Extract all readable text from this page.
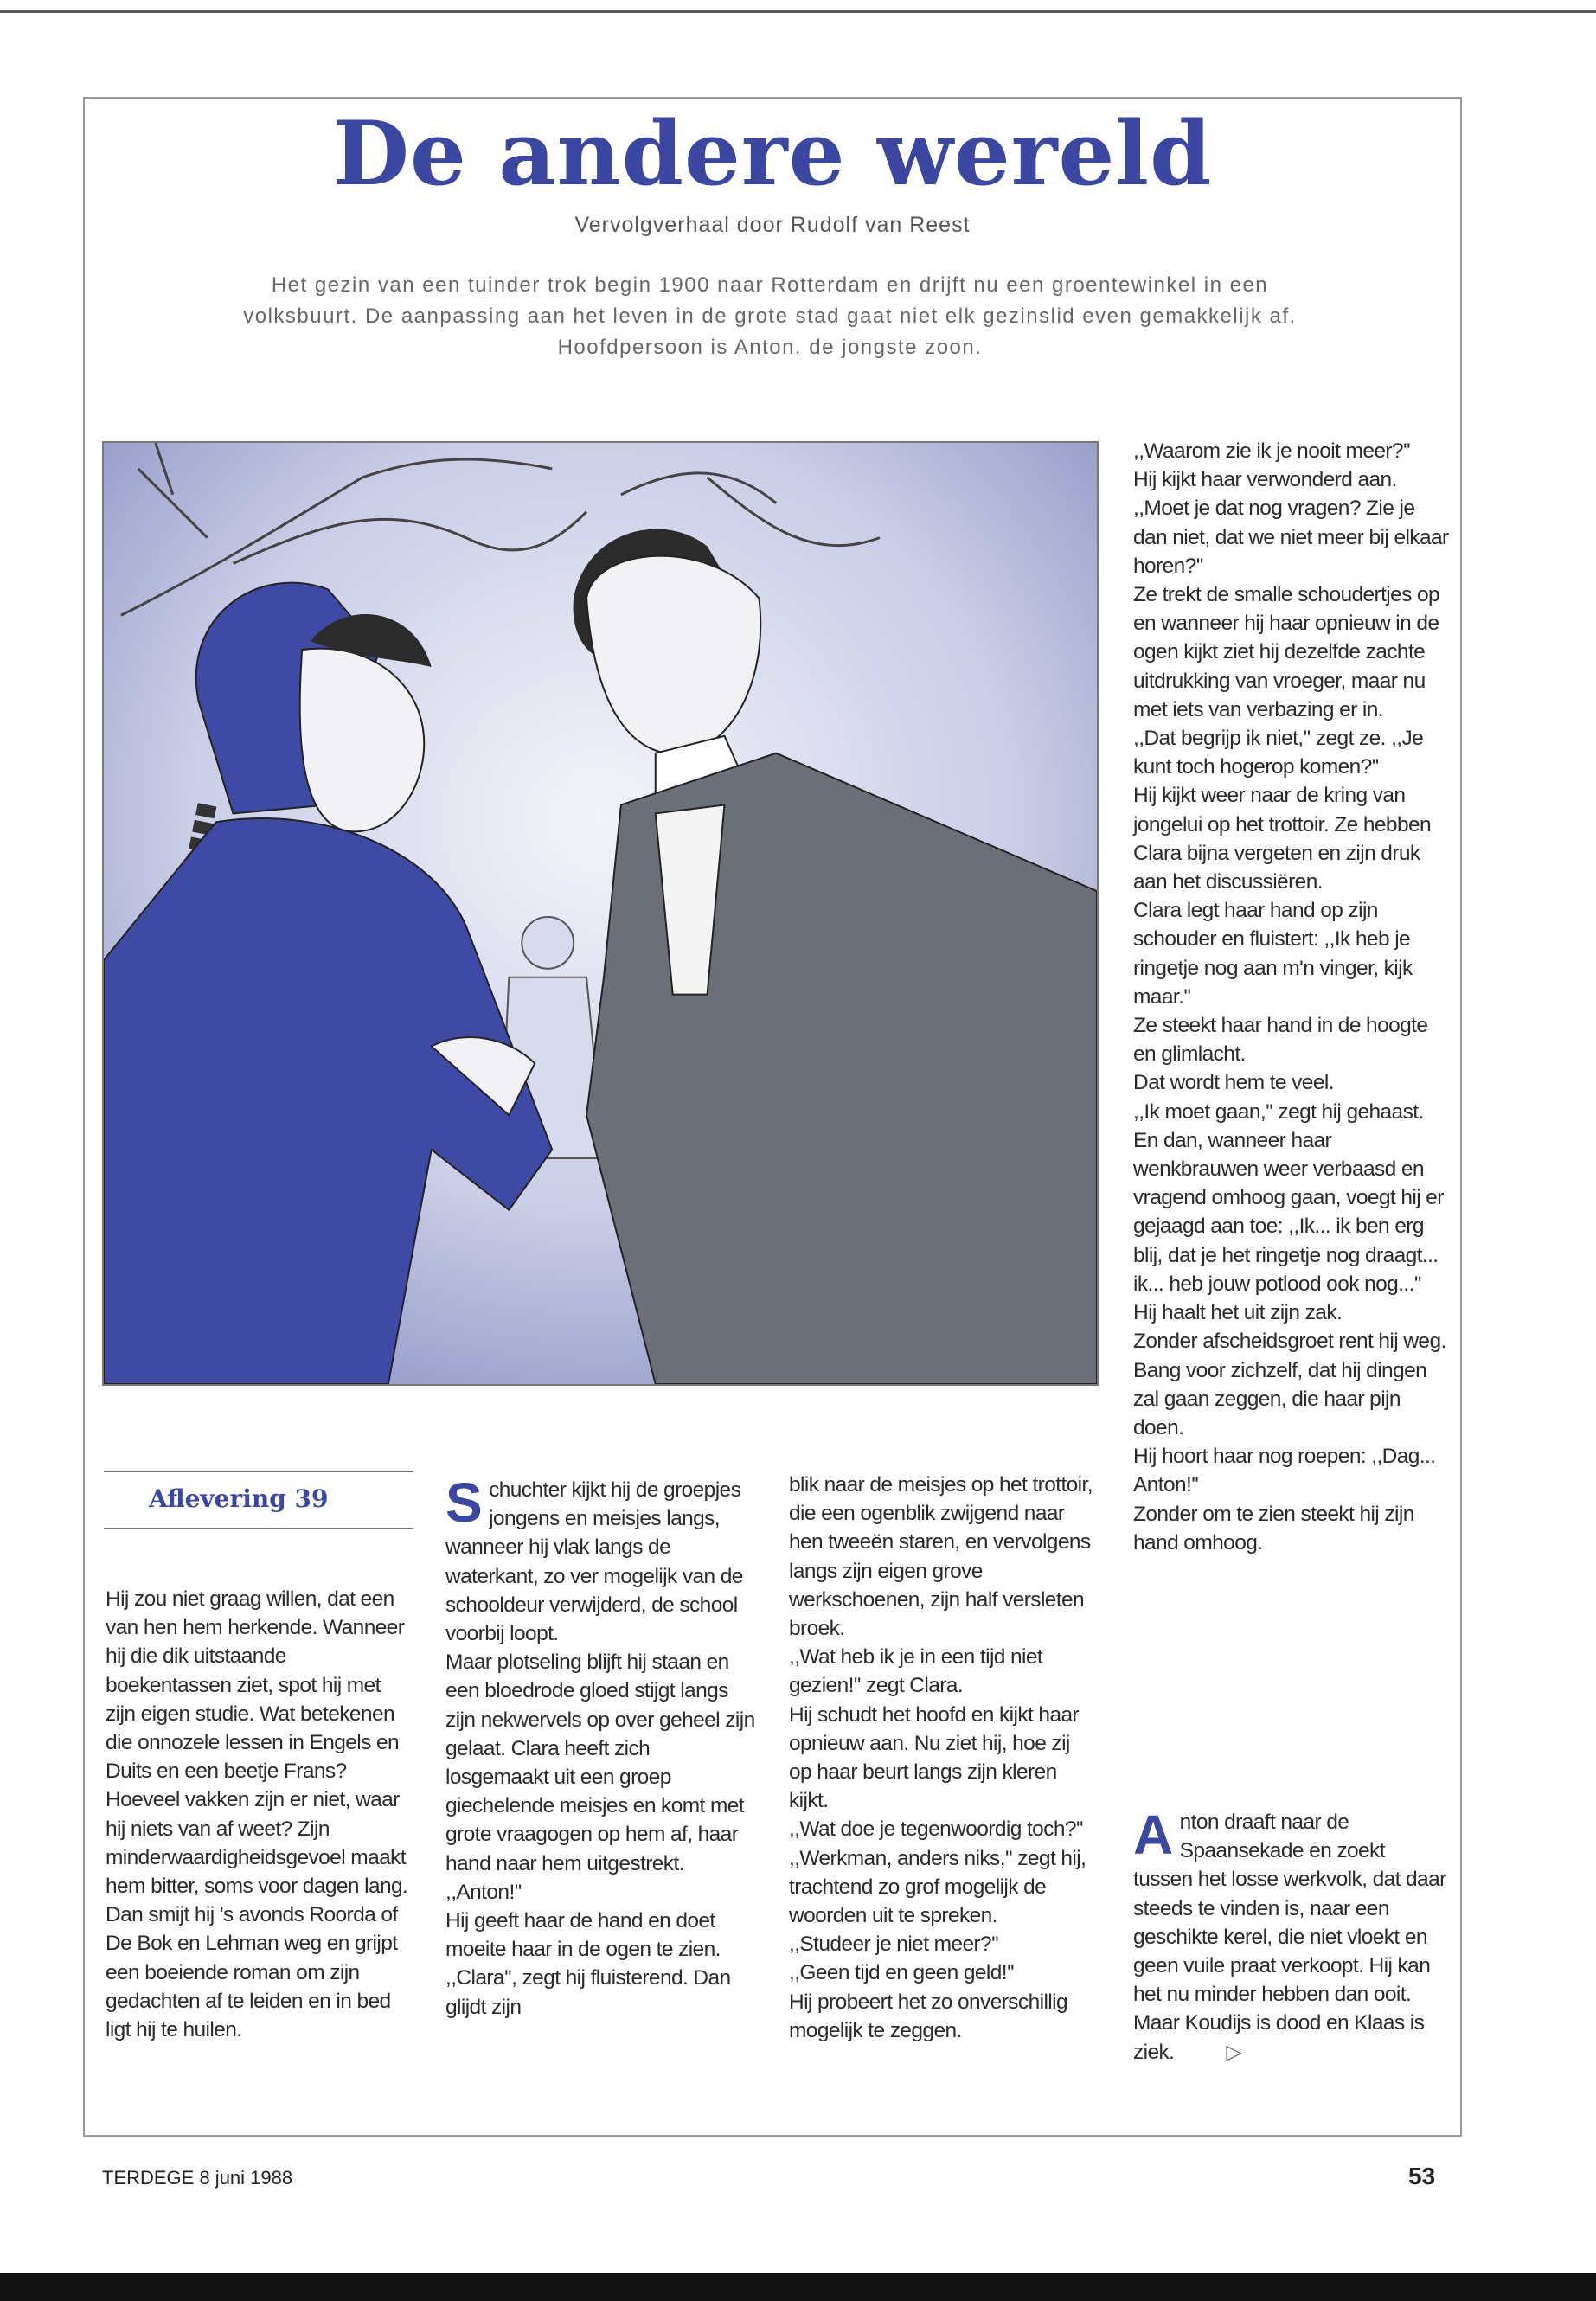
De andere wereld
Vervolgverhaal door Rudolf van Reest
Het gezin van een tuinder trok begin 1900 naar Rotterdam en drijft nu een groentewinkel in een volksbuurt. De aanpassing aan het leven in de grote stad gaat niet elk gezinslid even gemakkelijk af. Hoofdpersoon is Anton, de jongste zoon.
Aflevering 39

Hij zou niet graag willen, dat een van hen hem herkende. Wanneer hij die dik uitstaande boekentassen ziet, spot hij met zijn eigen studie. Wat betekenen die onnozele lessen in Engels en Duits en een beetje Frans? Hoeveel vakken zijn er niet, waar hij niets van af weet? Zijn minderwaardigheidsgevoel maakt hem bitter, soms voor dagen lang. Dan smijt hij 's avonds Roorda of De Bok en Lehman weg en grijpt een boeiende roman om zijn gedachten af te leiden en in bed ligt hij te huilen.

Schuchter kijkt hij de groepjes jongens en meisjes langs, wanneer hij vlak langs de waterkant, zo ver mogelijk van de schooldeur verwijderd, de school voorbij loopt.

Maar plotseling blijft hij staan en een bloedrode gloed stijgt langs zijn nekwervels op over geheel zijn gelaat. Clara heeft zich losgemaakt uit een groep giechelende meisjes en komt met grote vraagogen op hem af, haar hand naar hem uitgestrekt.

,,Anton!''

Hij geeft haar de hand en doet moeite haar in de ogen te zien. ,,Clara'', zegt hij fluisterend. Dan glijdt zijn

blik naar de meisjes op het trottoir, die een ogenblik zwijgend naar hen tweeën staren, en vervolgens langs zijn eigen grove werkschoenen, zijn half versleten broek.

,,Wat heb ik je in een tijd niet gezien!'' zegt Clara.

Hij schudt het hoofd en kijkt haar opnieuw aan. Nu ziet hij, hoe zij op haar beurt langs zijn kleren kijkt.

,,Wat doe je tegenwoordig toch?''

,,Werkman, anders niks,'' zegt hij, trachtend zo grof mogelijk de woorden uit te spreken.

,,Studeer je niet meer?''

,,Geen tijd en geen geld!''

Hij probeert het zo onverschillig mogelijk te zeggen.

,,Waarom zie ik je nooit meer?''

Hij kijkt haar verwonderd aan. ,,Moet je dat nog vragen? Zie je dan niet, dat we niet meer bij elkaar horen?''

Ze trekt de smalle schoudertjes op en wanneer hij haar opnieuw in de ogen kijkt ziet hij dezelfde zachte uitdrukking van vroeger, maar nu met iets van verbazing er in.

,,Dat begrijp ik niet,'' zegt ze. ,,Je kunt toch hogerop komen?''

Hij kijkt weer naar de kring van jongelui op het trottoir. Ze hebben Clara bijna vergeten en zijn druk aan het discussiëren.

Clara legt haar hand op zijn schouder en fluistert: ,,Ik heb je ringetje nog aan m'n vinger, kijk maar.''

Ze steekt haar hand in de hoogte en glimlacht.

Dat wordt hem te veel.

,,Ik moet gaan,'' zegt hij gehaast. En dan, wanneer haar wenkbrauwen weer verbaasd en vragend omhoog gaan, voegt hij er gejaagd aan toe: ,,Ik... ik ben erg blij, dat je het ringetje nog draagt... ik... heb jouw potlood ook nog...''

Hij haalt het uit zijn zak.

Zonder afscheidsgroet rent hij weg. Bang voor zichzelf, dat hij dingen zal gaan zeggen, die haar pijn doen.

Hij hoort haar nog roepen: ,,Dag... Anton!''

Zonder om te zien steekt hij zijn hand omhoog.

Anton draaft naar de Spaansekade en zoekt tussen het losse werkvolk, dat daar steeds te vinden is, naar een geschikte kerel, die niet vloekt en geen vuile praat verkoopt. Hij kan het nu minder hebben dan ooit.

Maar Koudijs is dood en Klaas is ziek.	▷

TERDEGE 8 juni 1988	53
